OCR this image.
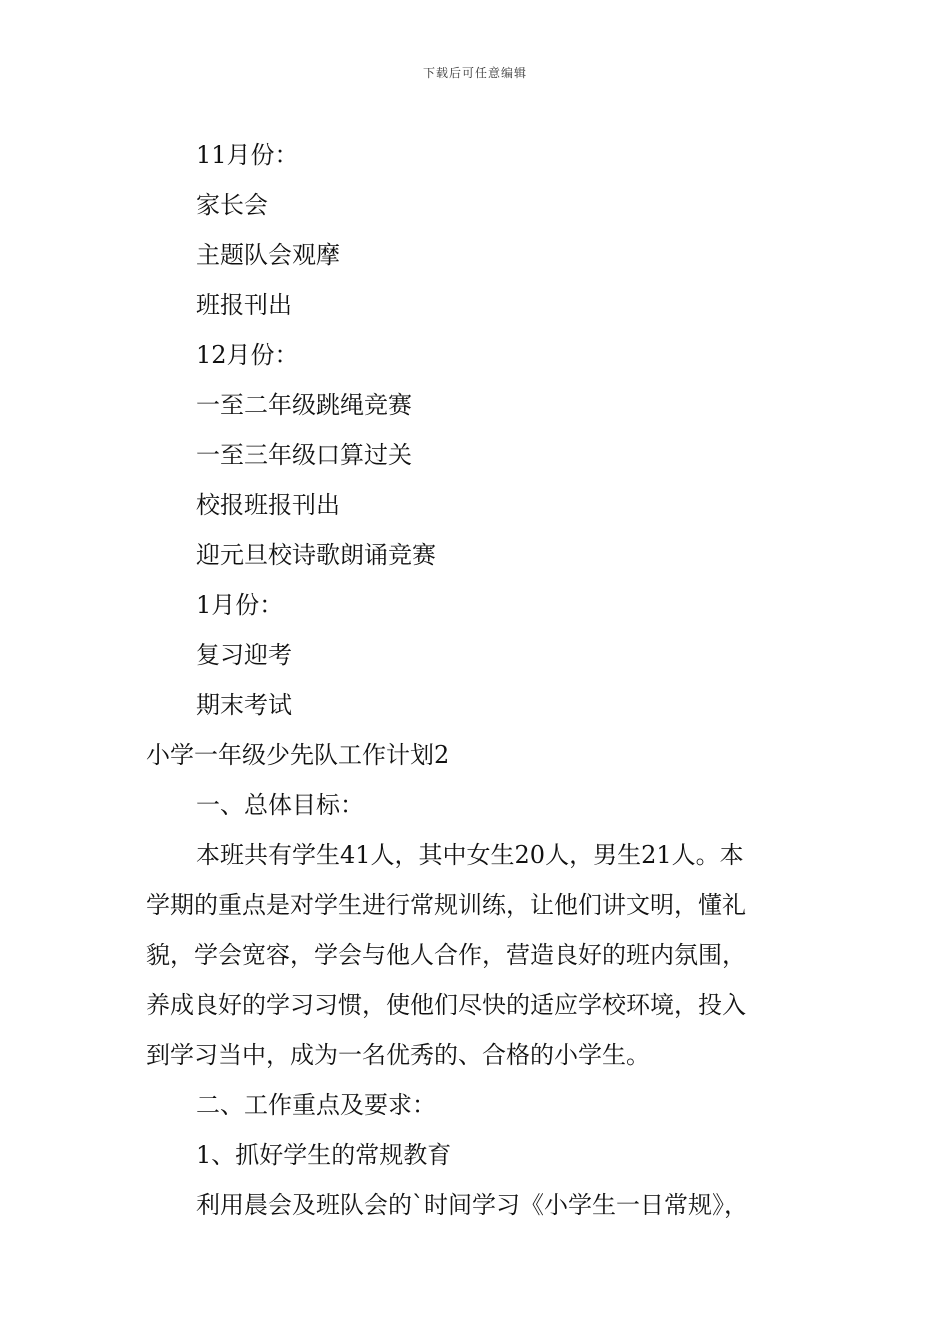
下载后可任意编辑

11月份：

家长会

主题队会观摩

班报刊出

12月份：

一至二年级跳绳竞赛

一至三年级口算过关

校报班报刊出

迎元旦校诗歌朗诵竞赛

1月份：

复习迎考

期末考试

小学一年级少先队工作计划2

一、总体目标：

本班共有学生41人，其中女生20人，男生21人。本

学期的重点是对学生进行常规训练，让他们讲文明，懂礼

貌，学会宽容，学会与他人合作，营造良好的班内氛围，

养成良好的学习习惯，使他们尽快的适应学校环境，投入

到学习当中，成为一名优秀的、合格的小学生。

二、工作重点及要求：

1、抓好学生的常规教育

利用晨会及班队会的`时间学习《小学生一日常规》，
